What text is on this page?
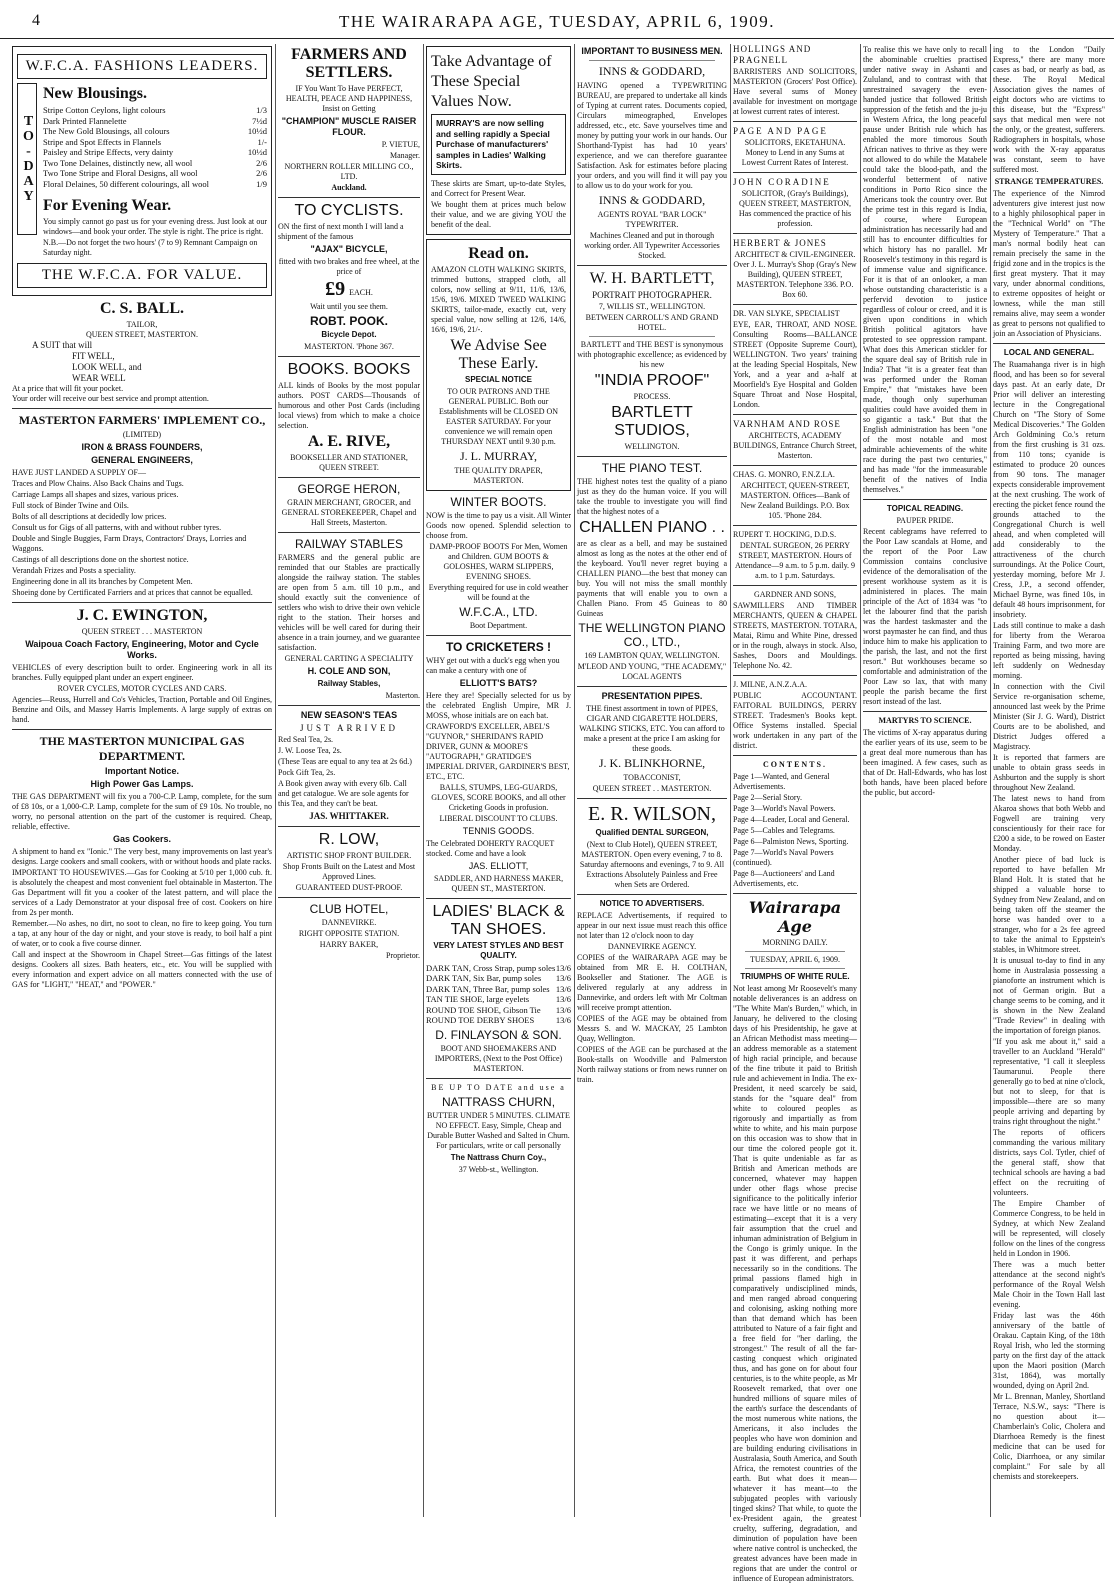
4	THE WAIRARAPA AGE, TUESDAY, APRIL 6, 1909.
W.F.C.A. FASHIONS LEADERS.
TO-DAY
New Blousings.
Stripe Cotton Ceylons, light colours	1/3
Dark Printed Flannelette	7½d
The New Gold Blousings, all colours	10½d
Stripe and Spot Effects in Flannels	1/-
Paisley and Stripe Effects, very dainty	10½d
Two Tone Delaines, distinctly new, all wool	2/6
Two Tone Stripe and Floral Designs, all wool	2/6
Floral Delaines, 50 different colourings, all wool	1/9
For Evening Wear.

You simply cannot go past us for your evening dress. Just look at our windows—and book your order. The style is right. The price is right.

N.B.—Do not forget the two hours' (7 to 9) Remnant Campaign on Saturday night.

THE W.F.C.A. FOR VALUE.
C. S. BALL.
TAILOR,
QUEEN STREET, MASTERTON.
A SUIT that will
FIT WELL,
LOOK WELL, and
WEAR WELL
At a price that will fit your pocket.
Your order will receive our best service and prompt attention.
MASTERTON FARMERS' IMPLEMENT CO.,
(LIMITED)
IRON & BRASS FOUNDERS,
GENERAL ENGINEERS,

HAVE JUST LANDED A SUPPLY OF—

Traces and Plow Chains. Also Back Chains and Tugs.

Carriage Lamps all shapes and sizes, various prices.

Full stock of Binder Twine and Oils.

Bolts of all descriptions at decidedly low prices.

Consult us for Gigs of all patterns, with and without rubber tyres.

Double and Single Buggies, Farm Drays, Contractors' Drays, Lorries and Waggons.

Castings of all descriptions done on the shortest notice.

Verandah Frizes and Posts a speciality.

Engineering done in all its branches by Competent Men.

Shoeing done by Certificated Farriers and at prices that cannot be equalled.

J. C. EWINGTON,
QUEEN STREET . . . MASTERTON
Waipoua Coach Factory, Engineering, Motor and Cycle Works.

VEHICLES of every description built to order. Engineering work in all its branches. Fully equipped plant under an expert engineer.

ROVER CYCLES, MOTOR CYCLES AND CARS.

Agencies—Reuss, Hurrell and Co's Vehicles, Traction, Portable and Oil Engines, Benzine and Oils, and Massey Harris Implements. A large supply of extras on hand.

THE MASTERTON MUNICIPAL GAS DEPARTMENT.
Important Notice.
High Power Gas Lamps.

THE GAS DEPARTMENT will fix you a 700-C.P. Lamp, complete, for the sum of £8 10s, or a 1,000-C.P. Lamp, complete for the sum of £9 10s. No trouble, no worry, no personal attention on the part of the customer is required. Cheap, reliable, effective.

Gas Cookers.

A shipment to hand ex "Ionic." The very best, many improvements on last year's designs. Large cookers and small cookers, with or without hoods and plate racks.

IMPORTANT TO HOUSEWIVES.—Gas for Cooking at 5/10 per 1,000 cub. ft. is absolutely the cheapest and most convenient fuel obtainable in Masterton. The Gas Department will fit you a cooker of the latest pattern, and will place the services of a Lady Demonstrator at your disposal free of cost. Cookers on hire from 2s per month.

Remember.—No ashes, no dirt, no soot to clean, no fire to keep going. You turn a tap, at any hour of the day or night, and your stove is ready, to boil half a pint of water, or to cook a five course dinner.

Call and inspect at the Showroom in Chapel Street—Gas fittings of the latest designs. Cookers all sizes. Bath heaters, etc., etc. You will be supplied with every information and expert advice on all matters connected with the use of GAS for "LIGHT," "HEAT," and "POWER."

FARMERS AND SETTLERS.

IF You Want To Have PERFECT, HEALTH, PEACE AND HAPPINESS, Insist on Getting

"CHAMPION" MUSCLE RAISER FLOUR.

P. VIETUE,

Manager.

NORTHERN ROLLER MILLING CO., LTD.

Auckland.

TO CYCLISTS.

ON the first of next month I will land a shipment of the famous

"AJAX" BICYCLE,

fitted with two brakes and free wheel, at the price of

£9 EACH.

Wait until you see them.

ROBT. POOK.
Bicycle Depot.

MASTERTON. 'Phone 367.

BOOKS. BOOKS

ALL kinds of Books by the most popular authors. POST CARDS—Thousands of humorous and other Post Cards (including local views) from which to make a choice selection.

A. E. RIVE,

BOOKSELLER AND STATIONER, QUEEN STREET.

GEORGE HERON,

GRAIN MERCHANT, GROCER, and GENERAL STOREKEEPER, Chapel and Hall Streets, Masterton.

RAILWAY STABLES

FARMERS and the general public are reminded that our Stables are practically alongside the railway station. The stables are open from 5 a.m. till 10 p.m., and should exactly suit the convenience of settlers who wish to drive their own vehicle right to the station. Their horses and vehicles will be well cared for during their absence in a train journey, and we guarantee satisfaction.

GENERAL CARTING A SPECIALITY

H. COLE AND SON,
Railway Stables,

Masterton.

NEW SEASON'S TEAS
JUST ARRIVED

Red Seal Tea, 2s.

J. W. Loose Tea, 2s.

(These Teas are equal to any tea at 2s 6d.)

Pock Gift Tea, 2s.

A Book given away with every 6lb. Call and get catalogue. We are sole agents for this Tea, and they can't be beat.

JAS. WHITTAKER.
R. LOW,

ARTISTIC SHOP FRONT BUILDER.

Shop Fronts Built on the Latest and Most Approved Lines.

GUARANTEED DUST-PROOF.

CLUB HOTEL,

DANNEVIRKE.

RIGHT OPPOSITE STATION.

HARRY BAKER,

Proprietor.

Take Advantage of These Special Values Now.
MURRAY'S are now selling and selling rapidly a Special Purchase of manufacturers' samples in Ladies' Walking Skirts.

These skirts are Smart, up-to-date Styles, and Correct for Present Wear.

We bought them at prices much below their value, and we are giving YOU the benefit of the deal.

Read on.

AMAZON CLOTH WALKING SKIRTS, trimmed buttons, strapped cloth, all colors, now selling at 9/11, 11/6, 13/6, 15/6, 19/6. MIXED TWEED WALKING SKIRTS, tailor-made, exactly cut, very special value, now selling at 12/6, 14/6, 16/6, 19/6, 21/-.

We Advise See These Early.
SPECIAL NOTICE

TO OUR PATRONS AND THE GENERAL PUBLIC. Both our Establishments will be CLOSED ON EASTER SATURDAY. For your convenience we will remain open THURSDAY NEXT until 9.30 p.m.

J. L. MURRAY,

THE QUALITY DRAPER, MASTERTON.

WINTER BOOTS.

NOW is the time to pay us a visit. All Winter Goods now opened. Splendid selection to choose from.

DAMP-PROOF BOOTS For Men, Women and Children. GUM BOOTS & GOLOSHES, WARM SLIPPERS, EVENING SHOES.

Everything required for use in cold weather will be found at the

W.F.C.A., LTD.

Boot Department.

TO CRICKETERS !

WHY get out with a duck's egg when you can make a century with one of

ELLIOTT'S BATS?

Here they are! Specially selected for us by the celebrated English Umpire, MR J. MOSS, whose initials are on each bat.

CRAWFORD'S EXCELLER, ABEL'S "GUYNOR," SHERIDAN'S RAPID DRIVER, GUNN & MOORE'S "AUTOGRAPH," GRATIDGE'S IMPERIAL DRIVER, GARDINER'S BEST, ETC., ETC.

BALLS, STUMPS, LEG-GUARDS, GLOVES, SCORE BOOKS, and all other Cricketing Goods in profusion.

LIBERAL DISCOUNT TO CLUBS.

TENNIS GOODS.

The Celebrated DOHERTY RACQUET stocked. Come and have a look

JAS. ELLIOTT,

SADDLER, AND HARNESS MAKER, QUEEN ST., MASTERTON.

LADIES' BLACK & TAN SHOES.
VERY LATEST STYLES AND BEST QUALITY.
DARK TAN, Cross Strap, pump soles 13/6
DARK TAN, Six Bar, pump soles 13/6
DARK TAN, Three Bar, pump soles 13/6
TAN TIE SHOE, large eyelets	13/6
ROUND TOE SHOE, Gibson Tie 13/6
ROUND TOE DERBY SHOES	13/6
D. FINLAYSON & SON.

BOOT AND SHOEMAKERS AND IMPORTERS, (Next to the Post Office) MASTERTON.

BE UP TO DATE and use a

NATTRASS CHURN,

BUTTER UNDER 5 MINUTES. CLIMATE NO EFFECT. Easy, Simple, Cheap and Durable Butter Washed and Salted in Churn. For particulars, write or call personally

The Nattrass Churn Coy.,

37 Webb-st., Wellington.

IMPORTANT TO BUSINESS MEN.
INNS & GODDARD,

HAVING opened a TYPEWRITING BUREAU, are prepared to undertake all kinds of Typing at current rates. Documents copied, Circulars mimeographed, Envelopes addressed, etc., etc. Save yourselves time and money by putting your work in our hands. Our Shorthand-Typist has had 10 years' experience, and we can therefore guarantee Satisfaction. Ask for estimates before placing your orders, and you will find it will pay you to allow us to do your work for you.

INNS & GODDARD,

AGENTS ROYAL "BAR LOCK" TYPEWRITER.

Machines Cleaned and put in thorough working order. All Typewriter Accessories Stocked.

W. H. BARTLETT,

PORTRAIT PHOTOGRAPHER.

7, WILLIS ST., WELLINGTON.

BETWEEN CARROLL'S AND GRAND HOTEL.

BARTLETT and THE BEST is synonymous with photographic excellence; as evidenced by his new

"INDIA PROOF"

PROCESS.

BARTLETT STUDIOS,

WELLINGTON.

THE PIANO TEST.

THE highest notes test the quality of a piano just as they do the human voice. If you will take the trouble to investigate you will find that the highest notes of a

CHALLEN PIANO . .

are as clear as a bell, and may be sustained almost as long as the notes at the other end of the keyboard. You'll never regret buying a CHALLEN PIANO—the best that money can buy. You will not miss the small monthly payments that will enable you to own a Challen Piano. From 45 Guineas to 80 Guineas

THE WELLINGTON PIANO CO., LTD.,

169 LAMBTON QUAY, WELLINGTON.

M'LEOD AND YOUNG, "THE ACADEMY," LOCAL AGENTS

PRESENTATION PIPES.

THE finest assortment in town of PIPES, CIGAR AND CIGARETTE HOLDERS, WALKING STICKS, ETC. You can afford to make a present at the price I am asking for these goods.

J. K. BLINKHORNE,

TOBACCONIST,

QUEEN STREET . . MASTERTON.

E. R. WILSON,
Qualified DENTAL SURGEON,

(Next to Club Hotel), QUEEN STREET, MASTERTON. Open every evening, 7 to 8. Saturday afternoons and evenings, 7 to 9. All Extractions Absolutely Painless and Free when Sets are Ordered.

NOTICE TO ADVERTISERS.

REPLACE Advertisements, if required to appear in our next issue must reach this office not later than 12 o'clock noon to day

DANNEVIRKE AGENCY.

COPIES of the WAIRARAPA AGE may be obtained from MR E. H. COLTHAN, Bookseller and Stationer. The AGE is delivered regularly at any address in Dannevirke, and orders left with Mr Coltman will receive prompt attention.

COPIES of the AGE may be obtained from Messrs S. and W. MACKAY, 25 Lambton Quay, Wellington.

COPIES of the AGE can be purchased at the Book-stalls on Woodville and Palmerston North railway stations or from news runner on train.

HOLLINGS AND PRAGNELL

BARRISTERS AND SOLICITORS, MASTERTON (Grocers' Post Office). Have several sums of Money available for investment on mortgage at lowest current rates of interest.

PAGE AND PAGE

SOLICITORS, EKETAHUNA. Money to Lend in any Sums at Lowest Current Rates of Interest.

JOHN CORADINE

SOLICITOR, (Gray's Buildings), QUEEN STREET, MASTERTON, Has commenced the practice of his profession.

HERBERT & JONES

ARCHITECT & CIVIL-ENGINEER. Over J. L. Murray's Shop (Gray's New Building), QUEEN STREET, MASTERTON. Telephone 336. P.O. Box 60.

DR. VAN SLYKE, SPECIALIST

EYE, EAR, THROAT, AND NOSE. Consulting Rooms—BALLANCE STREET (Opposite Supreme Court), WELLINGTON. Two years' training at the leading Special Hospitals, New York, and a year and a-half at Moorfield's Eye Hospital and Golden Square Throat and Nose Hospital, London.

VARNHAM AND ROSE

ARCHITECTS, ACADEMY BUILDINGS, Entrance Church Street, Masterton.

CHAS. G. MONRO, F.N.Z.I.A.

ARCHITECT, QUEEN-STREET, MASTERTON. Offices—Bank of New Zealand Buildings. P.O. Box 105. 'Phone 284.

RUPERT T. HOCKING, D.D.S.

DENTAL SURGEON, 26 PERRY STREET, MASTERTON. Hours of Attendance—9 a.m. to 5 p.m. daily. 9 a.m. to 1 p.m. Saturdays.

GARDNER AND SONS,

SAWMILLERS AND TIMBER MERCHANTS, QUEEN & CHAPEL STREETS, MASTERTON. TOTARA, Matai, Rimu and White Pine, dressed or in the rough, always in stock. Also, Sashes, Doors and Mouldings. Telephone No. 42.

J. MILNE, A.N.Z.A.A.

PUBLIC ACCOUNTANT. FAITORAL BUILDINGS, PERRY STREET. Tradesmen's Books kept. Office Systems installed. Special work undertaken in any part of the district.

CONTENTS.

Page 1—Wanted, and General Advertisements.

Page 2—Serial Story.

Page 3—World's Naval Powers.

Page 4—Leader, Local and General.

Page 5—Cables and Telegrams.

Page 6—Palmiston News, Sporting.

Page 7—World's Naval Powers (continued).

Page 8—Auctioneers' and Land Advertisements, etc.

Wairarapa Age

MORNING DAILY.

TUESDAY, APRIL 6, 1909.

TRIUMPHS OF WHITE RULE.

Not least among Mr Roosevelt's many notable deliverances is an address on "The White Man's Burden," which, in January, he delivered to the closing days of his Presidentship, he gave at an African Methodist mass meeting—an address memorable as a statement of high racial principle, and because of the fine tribute it paid to British rule and achievement in India. The ex-President, it need scarcely be said, stands for the "square deal" from white to coloured peoples as rigorously and impartially as from white to white, and his main purpose on this occasion was to show that in our time the colored people got it. That is quite undeniable as far as British and American methods are concerned, whatever may happen under other flags whose precise significance to the politically inferior race we have little or no means of estimating—except that it is a very fair assumption that the cruel and inhuman administration of Belgium in the Congo is grimly unique. In the past it was different, and perhaps necessarily so in the conditions. The primal passions flamed high in comparatively undisciplined minds, and men ranged abroad conquering and colonising, asking nothing more than that demand which has been attributed to Nature of a fair fight and a free field for "her darling, the strongest." The result of all the far-casting conquest which originated thus, and has gone on for about four centuries, is to the white people, as Mr Roosevelt remarked, that over one hundred millions of square miles of the earth's surface the descendants of the most numerous white nations, the Americans, it also includes the peoples who have won dominion and are building enduring civilisations in Australasia, South America, and South Africa, the remotest countries of the earth. But what does it mean—whatever it has meant—to the subjugated peoples with variously tinged skins? That while, to quote the ex-President again, the greatest cruelty, suffering, degradation, and diminution of population have been where native control is unchecked, the greatest advances have been made in regions that are under the control or influence of European administrators.

To realise this we have only to recall the abominable cruelties practised under native sway in Ashanti and Zululand, and to contrast with that unrestrained savagery the even-handed justice that followed British suppression of the fetish and the ju-ju in Western Africa, the long peaceful pause under British rule which has enabled the more timorous South African natives to thrive as they were not allowed to do while the Matabele could take the blood-path, and the wonderful betterment of native conditions in Porto Rico since the Americans took the country over. But the prime test in this regard is India, of course, where European administration has necessarily had and still has to encounter difficulties for which history has no parallel. Mr Roosevelt's testimony in this regard is of immense value and significance. For it is that of an onlooker, a man whose outstanding characteristic is a perfervid devotion to justice regardless of colour or creed, and it is given upon conditions in which British political agitators have protested to see oppression rampant. What does this American stickler for the square deal say of British rule in India? That "it is a greater feat than was performed under the Roman Empire," that "mistakes have been made, though only superhuman qualities could have avoided them in so gigantic a task." But that the English administration has been "one of the most notable and most admirable achievements of the white race during the past two centuries," and has made "for the immeasurable benefit of the natives of India themselves."

TOPICAL READING.

PAUPER PRIDE.

Recent cablegrams have referred to the Poor Law scandals at Home, and the report of the Poor Law Commission contains conclusive evidence of the demoralisation of the present workhouse system as it is administered in places. The main principle of the Act of 1834 was "to let the labourer find that the parish was the hardest taskmaster and the worst paymaster he can find, and thus induce him to make his application to the parish, the last, and not the first resort." But workhouses became so comfortable and administration of the Poor Law so lax, that with many people the parish became the first resort instead of the last.

MARTYRS TO SCIENCE.

The victims of X-ray apparatus during the earlier years of its use, seem to be a great deal more numerous than has been imagined. A few cases, such as that of Dr. Hall-Edwards, who has lost both hands, have been placed before the public, but accord-

ing to the London "Daily Express," there are many more cases as bad, or nearly as bad, as these. The Royal Medical Association gives the names of eight doctors who are victims to this disease, but the "Express" says that medical men were not the only, or the greatest, sufferers. Radiographers in hospitals, whose work with the X-ray apparatus was constant, seem to have suffered most.

STRANGE TEMPERATURES.

The experience of the Nimrod adventurers give interest just now to a highly philosophical paper in the "Technical World" on "The Mystery of Temperature." That a man's normal bodily heat can remain precisely the same in the frigid zone and in the tropics is the first great mystery. That it may vary, under abnormal conditions, to extreme opposites of height or lowness, while the man still remains alive, may seem a wonder as great to persons not qualified to join an Association of Physicians.

LOCAL AND GENERAL.

The Ruamahanga river is in high flood, and has been so for several days past. At an early date, Dr Prior will deliver an interesting lecture in the Congregational Church on "The Story of Some Medical Discoveries." The Golden Arch Goldmining Co.'s return from the first crushing is 31 ozs. from 110 tons; cyanide is estimated to produce 20 ounces from 90 tons. The manager expects considerable improvement at the next crushing. The work of erecting the picket fence round the grounds attached to the Congregational Church is well ahead, and when completed will add considerably to the attractiveness of the church surroundings. At the Police Court, yesterday morning, before Mr J. Cress, J.P., a second offender, Michael Byrne, was fined 10s, in default 48 hours imprisonment, for insobriety.

Lads still continue to make a dash for liberty from the Weraroa Training Farm, and two more are reported as being missing, having left suddenly on Wednesday morning.

In connection with the Civil Service re-organisation scheme, announced last week by the Prime Minister (Sir J. G. Ward), District Courts are to be abolished, and District Judges offered a Magistracy.

It is reported that farmers are unable to obtain grass seeds in Ashburton and the supply is short throughout New Zealand.

The latest news to hand from Akaroa shows that both Webb and Fogwell are training very conscientiously for their race for £200 a side, to be rowed on Easter Monday.

Another piece of bad luck is reported to have befallen Mr Bland Holt. It is stated that he shipped a valuable horse to Sydney from New Zealand, and on being taken off the steamer the horse was handed over to a stranger, who for a 2s fee agreed to take the animal to Eppstein's stables, in Whitmore street.

It is unusual to-day to find in any home in Australasia possessing a pianoforte an instrument which is not of German origin. But a change seems to be coming, and it is shown in the New Zealand "Trade Review" in dealing with the importation of foreign pianos.

"If you ask me about it," said a traveller to an Auckland "Herald" representative, "I call it sleepless Taumarunui. People there generally go to bed at nine o'clock, but not to sleep, for that is impossible—there are so many people arriving and departing by trains right throughout the night."

The reports of officers commanding the various military districts, says Col. Tytler, chief of the general staff, show that technical schools are having a bad effect on the recruiting of volunteers.

The Empire Chamber of Commerce Congress, to be held in Sydney, at which New Zealand will be represented, will closely follow on the lines of the congress held in London in 1906.

There was a much better attendance at the second night's performance of the Royal Welsh Male Choir in the Town Hall last evening.

Friday last was the 46th anniversary of the battle of Orakau. Captain King, of the 18th Royal Irish, who led the storming party on the first day of the attack upon the Maori position (March 31st, 1864), was mortally wounded, dying on April 2nd.

Mr L. Brennan, Manley, Shortland Terrace, N.S.W., says: "There is no question about it—Chamberlain's Colic, Cholera and Diarrhoea Remedy is the finest medicine that can be used for Colic, Diarrhoea, or any similar complaint." For sale by all chemists and storekeepers.
